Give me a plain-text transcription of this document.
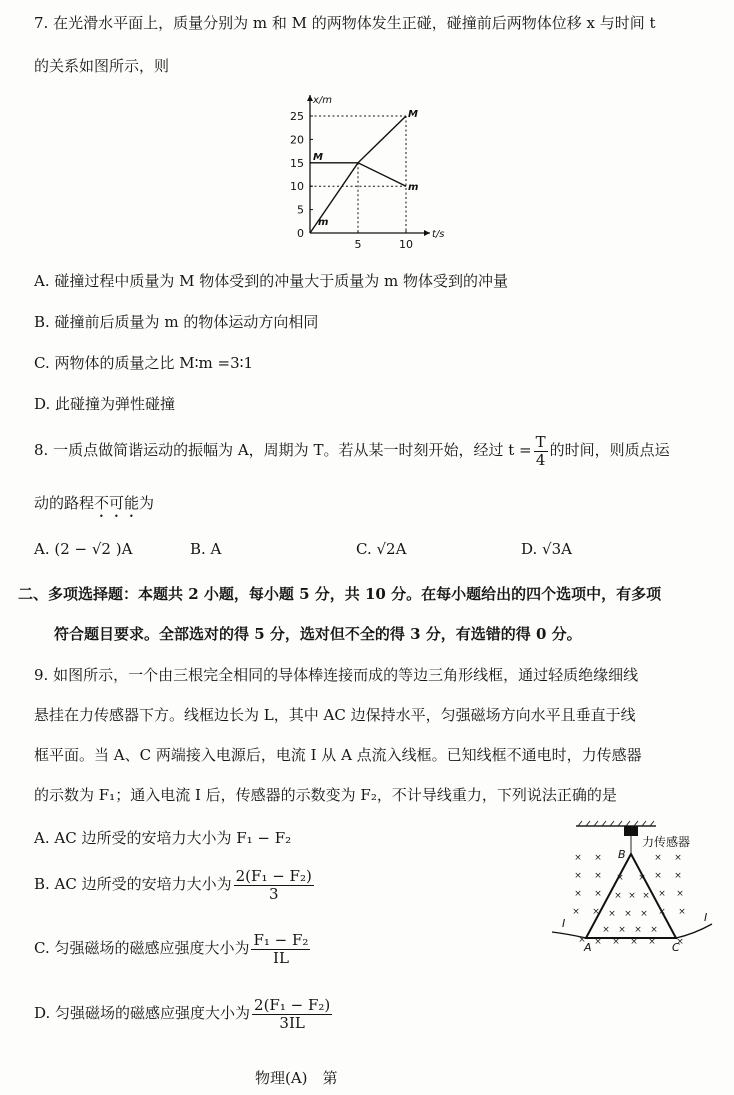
7. 在光滑水平面上，质量分别为 m 和 M 的两物体发生正碰，碰撞前后两物体位移 x 与时间 t
的关系如图所示，则
x/m
t/s
25
20
15
10
5
0
5	10
M
M
m
m
A. 碰撞过程中质量为 M 物体受到的冲量大于质量为 m 物体受到的冲量
B. 碰撞前后质量为 m 的物体运动方向相同
C. 两物体的质量之比 M∶m =3∶1
D. 此碰撞为弹性碰撞
8. 一质点做简谐运动的振幅为 A，周期为 T。若从某一时刻开始，经过 $t = \frac{T}{4}$ 的时间，则质点运
动的路程不可能为
A. (2 − √2 )A	B. A	C. √2A	D. √3A
二、多项选择题：本题共 2 小题，每小题 5 分，共 10 分。在每小题给出的四个选项中，有多项
符合题目要求。全部选对的得 5 分，选对但不全的得 3 分，有选错的得 0 分。
9. 如图所示，一个由三根完全相同的导体棒连接而成的等边三角形线框，通过轻质绝缘细线
悬挂在力传感器下方。线框边长为 L，其中 AC 边保持水平，匀强磁场方向水平且垂直于线
框平面。当 A、C 两端接入电源后，电流 I 从 A 点流入线框。已知线框不通电时，力传感器
的示数为 F₁；通入电流 I 后，传感器的示数变为 F₂，不计导线重力，下列说法正确的是
A. AC 边所受的安培力大小为 F₁ − F₂
B. AC 边所受的安培力大小为 $\frac{\text{2(F₁ − F₂)}}{3}$
C. 匀强磁场的磁感应强度大小为 $\frac{\text{F₁ − F₂}}{IL}$
D. 匀强磁场的磁感应强度大小为 $\frac{\text{2(F₁ − F₂)}}{3IL}$
力传感器
B
A	C
I	I
× ×	× ×
× × × × × ×
× × × × × × ×
× × × × × × ×
× × × ×
× × × × × ×
物理(A)　第
